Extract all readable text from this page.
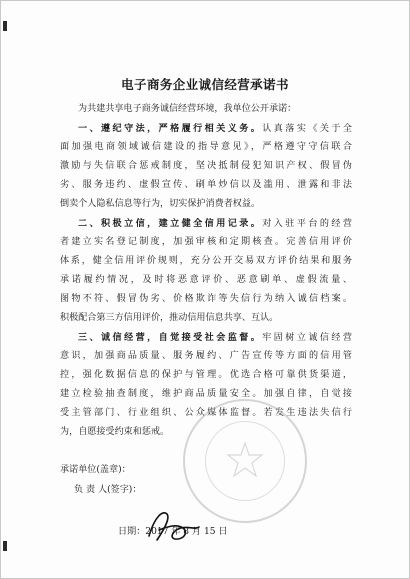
电子商务企业诚信经营承诺书
为共建共享电子商务诚信经营环境，我单位公开承诺：
一、遵纪守法，严格履行相关义务。认真落实《关于全
面加强电商领域诚信建设的指导意见》，严格遵守守信联合
激励与失信联合惩戒制度，坚决抵制侵犯知识产权、假冒伪
劣、服务违约、虚假宣传、刷单炒信以及滥用、泄露和非法
倒卖个人隐私信息等行为，切实保护消费者权益。
二、积极立信，建立健全信用记录。对入驻平台的经营
者建立实名登记制度，加强审核和定期核查。完善信用评价
体系，健全信用评价规则，充分公开交易双方评价结果和服务
承诺履约情况，及时将恶意评价、恶意刷单、虚假流量、
图物不符、假冒伪劣、价格欺诈等失信行为纳入诚信档案。
积极配合第三方信用评价，推动信用信息共享、互认。
三、诚信经营，自觉接受社会监督。牢固树立诚信经营
意识，加强商品质量、服务履约、广告宣传等方面的信用管
控，强化数据信息的保护与管理。优选合格可靠供货渠道，
建立检验抽查制度，维护商品质量安全。加强自律，自觉接
受主管部门、行业组织、公众媒体监督。若发生违法失信行
为，自愿接受约束和惩戒。
承诺单位(盖章)：
负 责 人(签字)：
日期：2017 年 8 月 15 日
